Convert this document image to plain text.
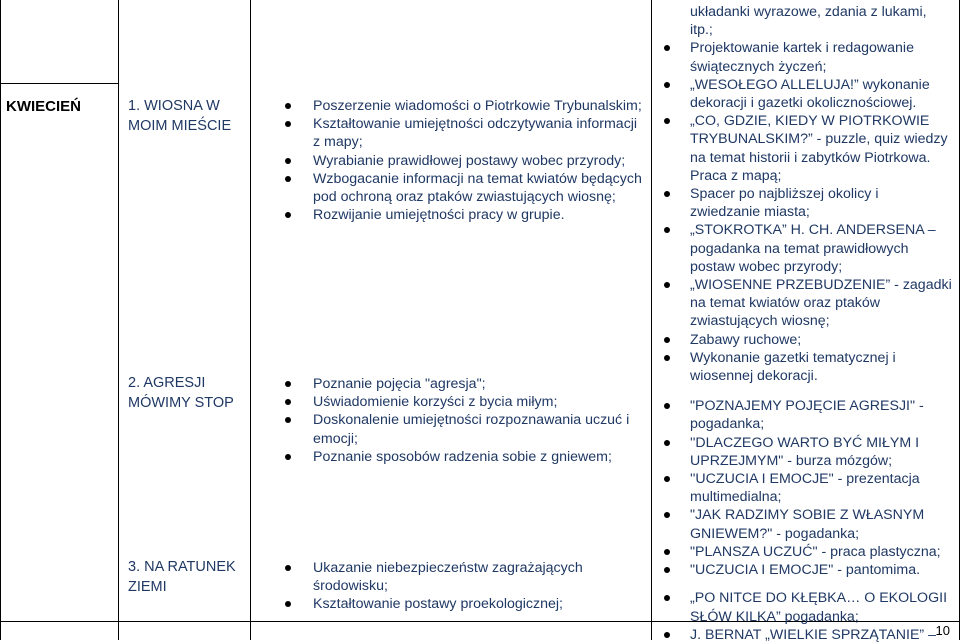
KWIECIEŃ	1. WIOSNA W MOIM MIEŚCIE
2. AGRESJI MÓWIMY STOP
3. NA RATUNEK ZIEMI
Poszerzenie wiadomości o Piotrkowie Trybunalskim;
Kształtowanie umiejętności odczytywania informacji z mapy;
Wyrabianie prawidłowej postawy wobec przyrody;
Wzbogacanie informacji na temat kwiatów będących pod ochroną oraz ptaków zwiastujących wiosnę;
Rozwijanie umiejętności pracy w grupie.
Poznanie pojęcia "agresja";
Uświadomienie korzyści z bycia miłym;
Doskonalenie umiejętności rozpoznawania uczuć i emocji;
Poznanie sposobów radzenia sobie z gniewem;
Ukazanie niebezpieczeństw zagrażających środowisku;
Kształtowanie postawy proekologicznej;
układanki wyrazowe, zdania z lukami, itp.;
Projektowanie kartek i redagowanie świątecznych życzeń;
„WESOŁEGO ALLELUJA!” wykonanie dekoracji i gazetki okolicznościowej.
„CO, GDZIE, KIEDY W PIOTRKOWIE TRYBUNALSKIM?” - puzzle, quiz wiedzy na temat historii i zabytków Piotrkowa. Praca z mapą;
Spacer po najbliższej okolicy i zwiedzanie miasta;
„STOKROTKA” H. CH. ANDERSENA – pogadanka na temat prawidłowych postaw wobec przyrody;
„WIOSENNE PRZEBUDZENIE” - zagadki na temat kwiatów oraz ptaków zwiastujących wiosnę;
Zabawy ruchowe;
Wykonanie gazetki tematycznej i wiosennej dekoracji.
"POZNAJEMY POJĘCIE AGRESJI" - pogadanka;
''DLACZEGO WARTO BYĆ MIŁYM I UPRZEJMYM" - burza mózgów;
''UCZUCIA I EMOCJE" - prezentacja multimedialna;
"JAK RADZIMY SOBIE Z WŁASNYM GNIEWEM?" - pogadanka;
"PLANSZA UCZUĆ" - praca plastyczna;
"UCZUCIA I EMOCJE" - pantomima.
„PO NITCE DO KŁĘBKA… O EKOLOGII SŁÓW KILKA” pogadanka;
J. BERNAT „WIELKIE SPRZĄTANIE” – 10
